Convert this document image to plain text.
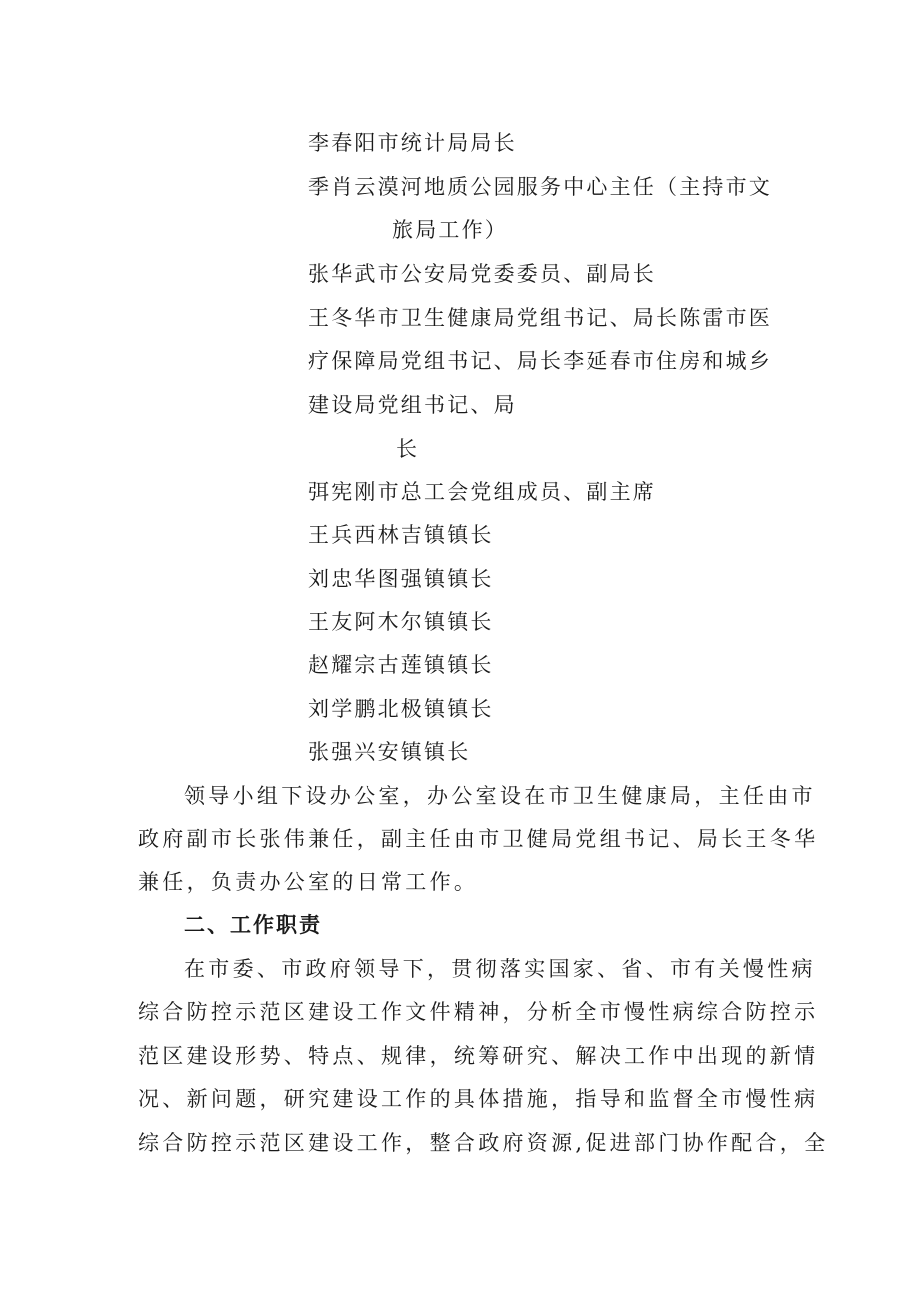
李春阳市统计局局长
季肖云漠河地质公园服务中心主任（主持市文
旅局工作）
张华武市公安局党委委员、副局长
王冬华市卫生健康局党组书记、局长陈雷市医
疗保障局党组书记、局长李延春市住房和城乡
建设局党组书记、局
长
弭宪刚市总工会党组成员、副主席
王兵西林吉镇镇长
刘忠华图强镇镇长
王友阿木尔镇镇长
赵耀宗古莲镇镇长
刘学鹏北极镇镇长
张强兴安镇镇长
领导小组下设办公室，办公室设在市卫生健康局，主任由市
政府副市长张伟兼任，副主任由市卫健局党组书记、局长王冬华
兼任，负责办公室的日常工作。
二、工作职责
在市委、市政府领导下，贯彻落实国家、省、市有关慢性病
综合防控示范区建设工作文件精神，分析全市慢性病综合防控示
范区建设形势、特点、规律，统筹研究、解决工作中出现的新情
况、新问题，研究建设工作的具体措施，指导和监督全市慢性病
综合防控示范区建设工作，整合政府资源,促进部门协作配合，全
